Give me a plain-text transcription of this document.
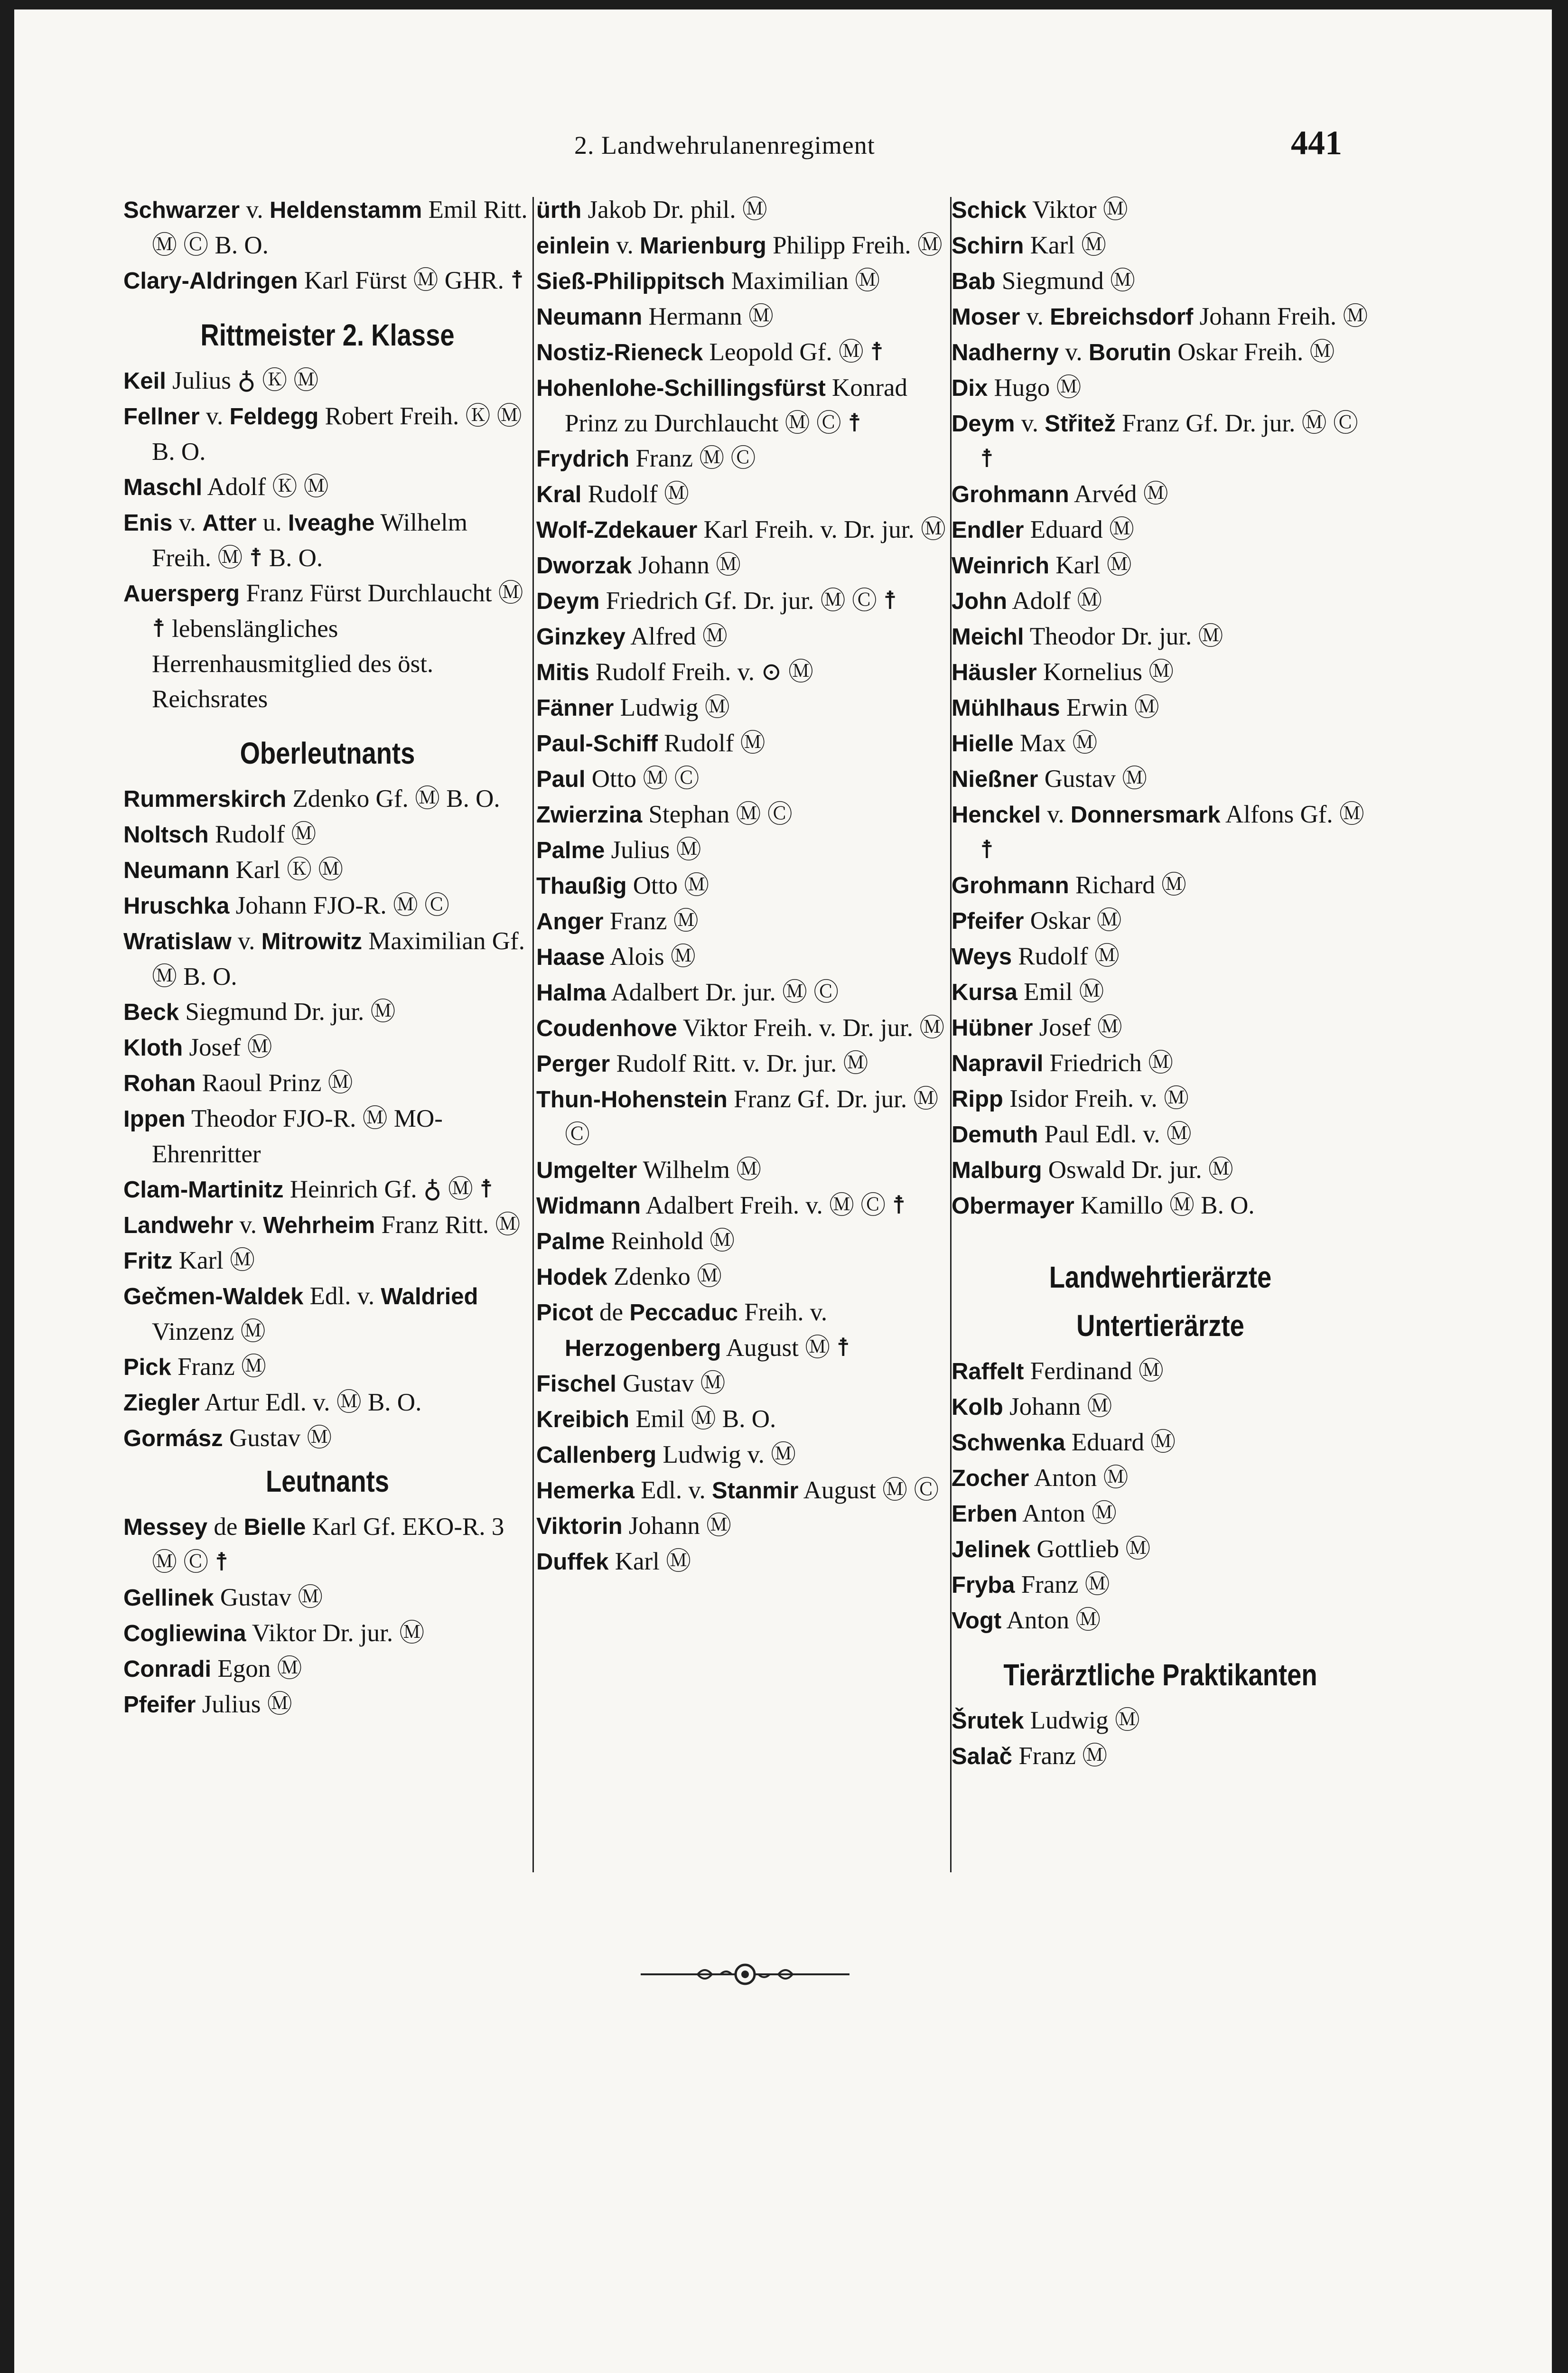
2. Landwehrulanenregiment	441
Schwarzer v. Heldenstamm Emil Ritt. Ⓜ Ⓒ B. O.
Clary-Aldringen Karl Fürst Ⓜ GHR. ☨
Rittmeister 2. Klasse
Keil Julius ♁ Ⓚ Ⓜ
Fellner v. Feldegg Robert Freih. Ⓚ Ⓜ B. O.
Maschl Adolf Ⓚ Ⓜ
Enis v. Atter u. Iveaghe Wilhelm Freih. Ⓜ ☨ B. O.
Auersperg Franz Fürst Durchlaucht Ⓜ ☨ lebenslängliches Herrenhausmitglied des öst. Reichsrates
Oberleutnants
Rummerskirch Zdenko Gf. Ⓜ B. O.
Noltsch Rudolf Ⓜ
Neumann Karl Ⓚ Ⓜ
Hruschka Johann FJO-R. Ⓜ Ⓒ
Wratislaw v. Mitrowitz Maximilian Gf. Ⓜ B. O.
Beck Siegmund Dr. jur. Ⓜ
Kloth Josef Ⓜ
Rohan Raoul Prinz Ⓜ
Ippen Theodor FJO-R. Ⓜ MO-Ehrenritter
Clam-Martinitz Heinrich Gf. ♁ Ⓜ ☨
Landwehr v. Wehrheim Franz Ritt. Ⓜ
Fritz Karl Ⓜ
Gečmen-Waldek Edl. v. Waldried Vinzenz Ⓜ
Pick Franz Ⓜ
Ziegler Artur Edl. v. Ⓜ B. O.
Gormász Gustav Ⓜ
Leutnants
Messey de Bielle Karl Gf. EKO-R. 3 Ⓜ Ⓒ ☨
Gellinek Gustav Ⓜ
Cogliewina Viktor Dr. jur. Ⓜ
Conradi Egon Ⓜ
Pfeifer Julius Ⓜ
ürth Jakob Dr. phil. Ⓜ
einlein v. Marienburg Philipp Freih. Ⓜ
Sieß-Philippitsch Maximilian Ⓜ
Neumann Hermann Ⓜ
Nostiz-Rieneck Leopold Gf. Ⓜ ☨
Hohenlohe-Schillingsfürst Konrad Prinz zu Durchlaucht Ⓜ Ⓒ ☨
Frydrich Franz Ⓜ Ⓒ
Kral Rudolf Ⓜ
Wolf-Zdekauer Karl Freih. v. Dr. jur. Ⓜ
Dworzak Johann Ⓜ
Deym Friedrich Gf. Dr. jur. Ⓜ Ⓒ ☨
Ginzkey Alfred Ⓜ
Mitis Rudolf Freih. v. ⊙ Ⓜ
Fänner Ludwig Ⓜ
Paul-Schiff Rudolf Ⓜ
Paul Otto Ⓜ Ⓒ
Zwierzina Stephan Ⓜ Ⓒ
Palme Julius Ⓜ
Thaußig Otto Ⓜ
Anger Franz Ⓜ
Haase Alois Ⓜ
Halma Adalbert Dr. jur. Ⓜ Ⓒ
Coudenhove Viktor Freih. v. Dr. jur. Ⓜ
Perger Rudolf Ritt. v. Dr. jur. Ⓜ
Thun-Hohenstein Franz Gf. Dr. jur. Ⓜ Ⓒ
Umgelter Wilhelm Ⓜ
Widmann Adalbert Freih. v. Ⓜ Ⓒ ☨
Palme Reinhold Ⓜ
Hodek Zdenko Ⓜ
Picot de Peccaduc Freih. v. Herzogenberg August Ⓜ ☨
Fischel Gustav Ⓜ
Kreibich Emil Ⓜ B. O.
Callenberg Ludwig v. Ⓜ
Hemerka Edl. v. Stanmir August Ⓜ Ⓒ
Viktorin Johann Ⓜ
Duffek Karl Ⓜ
Schick Viktor Ⓜ
Schirn Karl Ⓜ
Bab Siegmund Ⓜ
Moser v. Ebreichsdorf Johann Freih. Ⓜ
Nadherny v. Borutin Oskar Freih. Ⓜ
Dix Hugo Ⓜ
Deym v. Střitež Franz Gf. Dr. jur. Ⓜ Ⓒ ☨
Grohmann Arvéd Ⓜ
Endler Eduard Ⓜ
Weinrich Karl Ⓜ
John Adolf Ⓜ
Meichl Theodor Dr. jur. Ⓜ
Häusler Kornelius Ⓜ
Mühlhaus Erwin Ⓜ
Hielle Max Ⓜ
Nießner Gustav Ⓜ
Henckel v. Donnersmark Alfons Gf. Ⓜ ☨
Grohmann Richard Ⓜ
Pfeifer Oskar Ⓜ
Weys Rudolf Ⓜ
Kursa Emil Ⓜ
Hübner Josef Ⓜ
Napravil Friedrich Ⓜ
Ripp Isidor Freih. v. Ⓜ
Demuth Paul Edl. v. Ⓜ
Malburg Oswald Dr. jur. Ⓜ
Obermayer Kamillo Ⓜ B. O.
Landwehrtierärzte
Untertierärzte
Raffelt Ferdinand Ⓜ
Kolb Johann Ⓜ
Schwenka Eduard Ⓜ
Zocher Anton Ⓜ
Erben Anton Ⓜ
Jelinek Gottlieb Ⓜ
Fryba Franz Ⓜ
Vogt Anton Ⓜ
Tierärztliche Praktikanten
Šrutek Ludwig Ⓜ
Salač Franz Ⓜ
